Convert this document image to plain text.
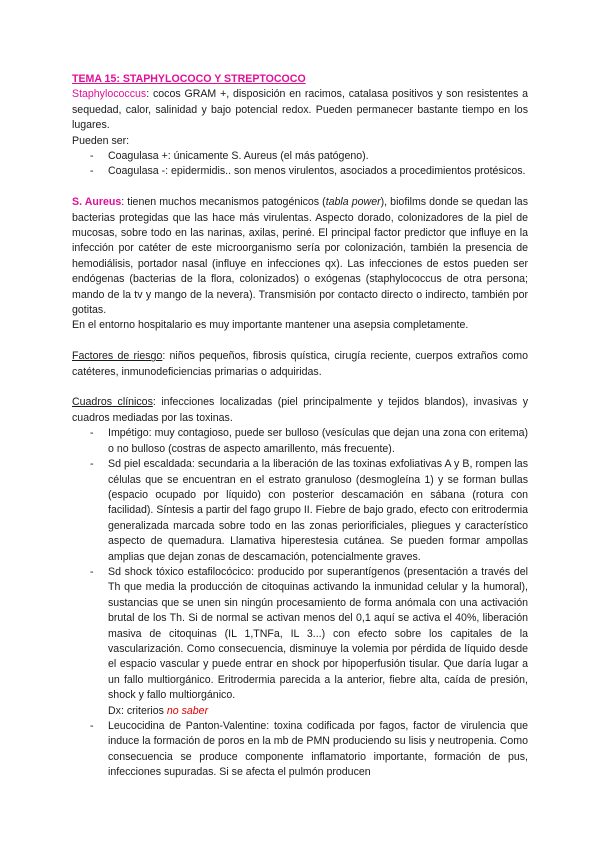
TEMA 15: STAPHYLOCOCO Y STREPTOCOCO

Staphylococcus: cocos GRAM +, disposición en racimos, catalasa positivos y son resistentes a sequedad, calor, salinidad y bajo potencial redox. Pueden permanecer bastante tiempo en los lugares.

Pueden ser:

- Coagulasa +: únicamente S. Aureus (el más patógeno).
- Coagulasa -: epidermidis.. son menos virulentos, asociados a procedimientos protésicos.

S. Aureus: tienen muchos mecanismos patogénicos (tabla power), biofilms donde se quedan las bacterias protegidas que las hace más virulentas. Aspecto dorado, colonizadores de la piel de mucosas, sobre todo en las narinas, axilas, periné. El principal factor predictor que influye en la infección por catéter de este microorganismo sería por colonización, también la presencia de hemodiálisis, portador nasal (influye en infecciones qx). Las infecciones de estos pueden ser endógenas (bacterias de la flora, colonizados) o exógenas (staphylococcus de otra persona; mando de la tv y mango de la nevera). Transmisión por contacto directo o indirecto, también por gotitas.

En el entorno hospitalario es muy importante mantener una asepsia completamente.

Factores de riesgo: niños pequeños, fibrosis quística, cirugía reciente, cuerpos extraños como catéteres, inmunodeficiencias primarias o adquiridas.

Cuadros clínicos: infecciones localizadas (piel principalmente y tejidos blandos), invasivas y cuadros mediadas por las toxinas.

- Impétigo: muy contagioso, puede ser bulloso (vesículas que dejan una zona con eritema) o no bulloso (costras de aspecto amarillento, más frecuente).
- Sd piel escaldada: secundaria a la liberación de las toxinas exfoliativas A y B, rompen las células que se encuentran en el estrato granuloso (desmogleína 1) y se forman bullas (espacio ocupado por líquido) con posterior descamación en sábana (rotura con facilidad). Síntesis a partir del fago grupo II. Fiebre de bajo grado, efecto con eritrodermia generalizada marcada sobre todo en las zonas periorificiales, pliegues y característico aspecto de quemadura. Llamativa hiperestesia cutánea. Se pueden formar ampollas amplias que dejan zonas de descamación, potencialmente graves.
- Sd shock tóxico estafilocócico: producido por superantígenos (presentación a través del Th que media la producción de citoquinas activando la inmunidad celular y la humoral), sustancias que se unen sin ningún procesamiento de forma anómala con una activación brutal de los Th. Si de normal se activan menos del 0,1 aquí se activa el 40%, liberación masiva de citoquinas (IL 1,TNFa, IL 3...) con efecto sobre los capitales de la vascularización. Como consecuencia, disminuye la volemia por pérdida de líquido desde el espacio vascular y puede entrar en shock por hipoperfusión tisular. Que daría lugar a un fallo multiorgánico. Eritrodermia parecida a la anterior, fiebre alta, caída de presión, shock y fallo multiorgánico.

Dx: criterios no saber

- Leucocidina de Panton-Valentine: toxina codificada por fagos, factor de virulencia que induce la formación de poros en la mb de PMN produciendo su lisis y neutropenia. Como consecuencia se produce componente inflamatorio importante, formación de pus, infecciones supuradas. Si se afecta el pulmón producen
